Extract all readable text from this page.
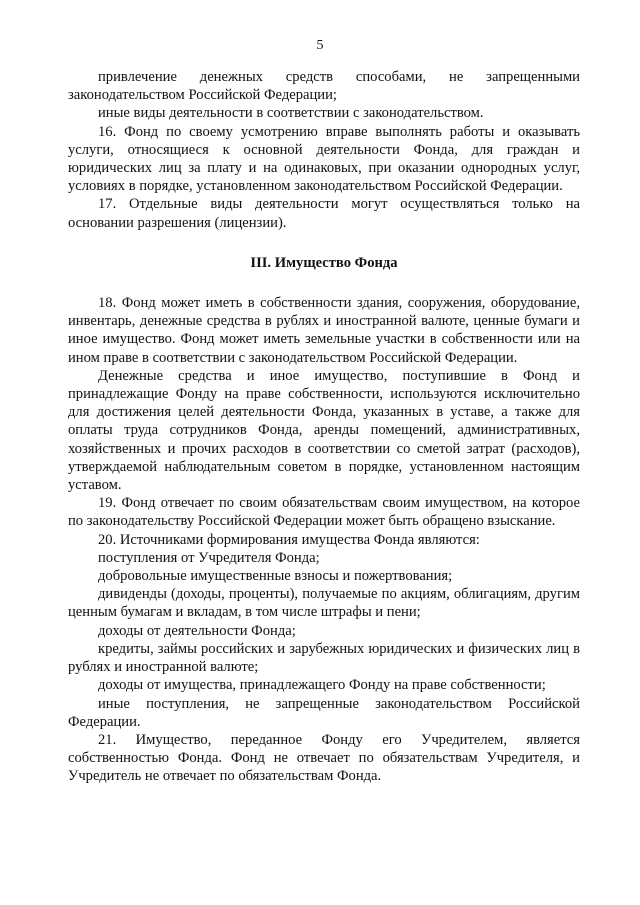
5

привлечение денежных средств способами, не запрещенными законодательством Российской Федерации;

иные виды деятельности в соответствии с законодательством.

16. Фонд по своему усмотрению вправе выполнять работы и оказывать услуги, относящиеся к основной деятельности Фонда, для граждан и юридических лиц за плату и на одинаковых, при оказании однородных услуг, условиях в порядке, установленном законодательством Российской Федерации.

17. Отдельные виды деятельности могут осуществляться только на основании разрешения (лицензии).

III. Имущество Фонда

18. Фонд может иметь в собственности здания, сооружения, оборудование, инвентарь, денежные средства в рублях и иностранной валюте, ценные бумаги и иное имущество. Фонд может иметь земельные участки в собственности или на ином праве в соответствии с законодательством Российской Федерации.

Денежные средства и иное имущество, поступившие в Фонд и принадлежащие Фонду на праве собственности, используются исключительно для достижения целей деятельности Фонда, указанных в уставе, а также для оплаты труда сотрудников Фонда, аренды помещений, административных, хозяйственных и прочих расходов в соответствии со сметой затрат (расходов), утверждаемой наблюдательным советом в порядке, установленном настоящим уставом.

19. Фонд отвечает по своим обязательствам своим имуществом, на которое по законодательству Российской Федерации может быть обращено взыскание.

20. Источниками формирования имущества Фонда являются:

поступления от Учредителя Фонда;

добровольные имущественные взносы и пожертвования;

дивиденды (доходы, проценты), получаемые по акциям, облигациям, другим ценным бумагам и вкладам, в том числе штрафы и пени;

доходы от деятельности Фонда;

кредиты, займы российских и зарубежных юридических и физических лиц в рублях и иностранной валюте;

доходы от имущества, принадлежащего Фонду на праве собственности;

иные поступления, не запрещенные законодательством Российской Федерации.

21. Имущество, переданное Фонду его Учредителем, является собственностью Фонда. Фонд не отвечает по обязательствам Учредителя, и Учредитель не отвечает по обязательствам Фонда.
